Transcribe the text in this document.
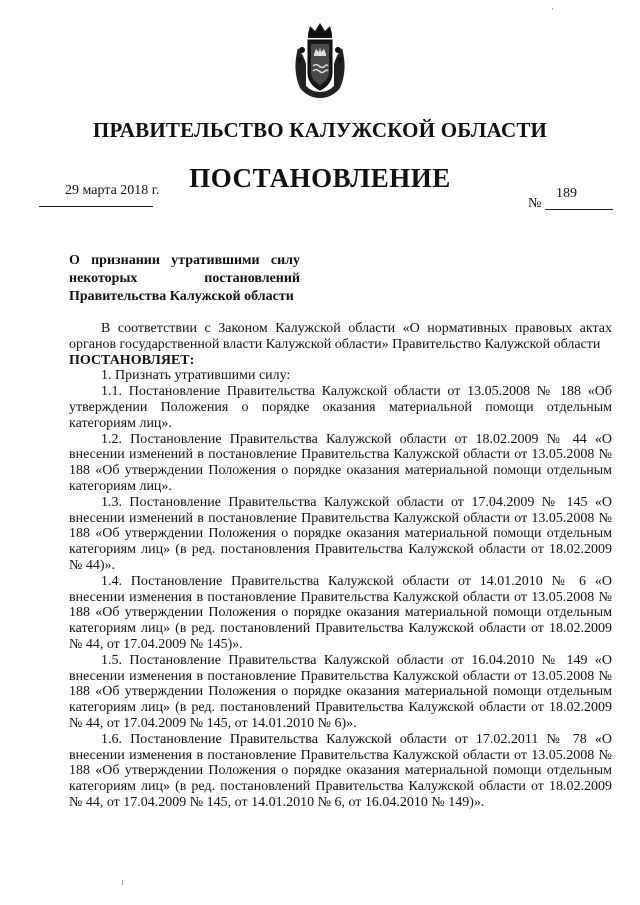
·
ПРАВИТЕЛЬСТВО КАЛУЖСКОЙ ОБЛАСТИ
ПОСТАНОВЛЕНИЕ
29 марта 2018 г.
№
189
О признании утратившими силу
некоторых постановлений
Правительства Калужской области

В соответствии с Законом Калужской области «О нормативных правовых актах органов государственной власти Калужской области» Правительство Калужской области

ПОСТАНОВЛЯЕТ:

1. Признать утратившими силу:

1.1. Постановление Правительства Калужской области от 13.05.2008 № 188 «Об утверждении Положения о порядке оказания материальной помощи отдельным категориям лиц».

1.2. Постановление Правительства Калужской области от 18.02.2009 № 44 «О внесении изменений в постановление Правительства Калужской области от 13.05.2008 № 188 «Об утверждении Положения о порядке оказания материальной помощи отдельным категориям лиц».

1.3. Постановление Правительства Калужской области от 17.04.2009 № 145 «О внесении изменений в постановление Правительства Калужской области от 13.05.2008 № 188 «Об утверждении Положения о порядке оказания материальной помощи отдельным категориям лиц» (в ред. постановления Правительства Калужской области от 18.02.2009 № 44)».

1.4. Постановление Правительства Калужской области от 14.01.2010 № 6 «О внесении изменения в постановление Правительства Калужской области от 13.05.2008 № 188 «Об утверждении Положения о порядке оказания материальной помощи отдельным категориям лиц» (в ред. постановлений Правительства Калужской области от 18.02.2009 № 44, от 17.04.2009 № 145)».

1.5. Постановление Правительства Калужской области от 16.04.2010 № 149 «О внесении изменения в постановление Правительства Калужской области от 13.05.2008 № 188 «Об утверждении Положения о порядке оказания материальной помощи отдельным категориям лиц» (в ред. постановлений Правительства Калужской области от 18.02.2009 № 44, от 17.04.2009 № 145, от 14.01.2010 № 6)».

1.6. Постановление Правительства Калужской области от 17.02.2011 № 78 «О внесении изменения в постановление Правительства Калужской области от 13.05.2008 № 188 «Об утверждении Положения о порядке оказания материальной помощи отдельным категориям лиц» (в ред. постановлений Правительства Калужской области от 18.02.2009 № 44, от 17.04.2009 № 145, от 14.01.2010 № 6, от 16.04.2010 № 149)».
